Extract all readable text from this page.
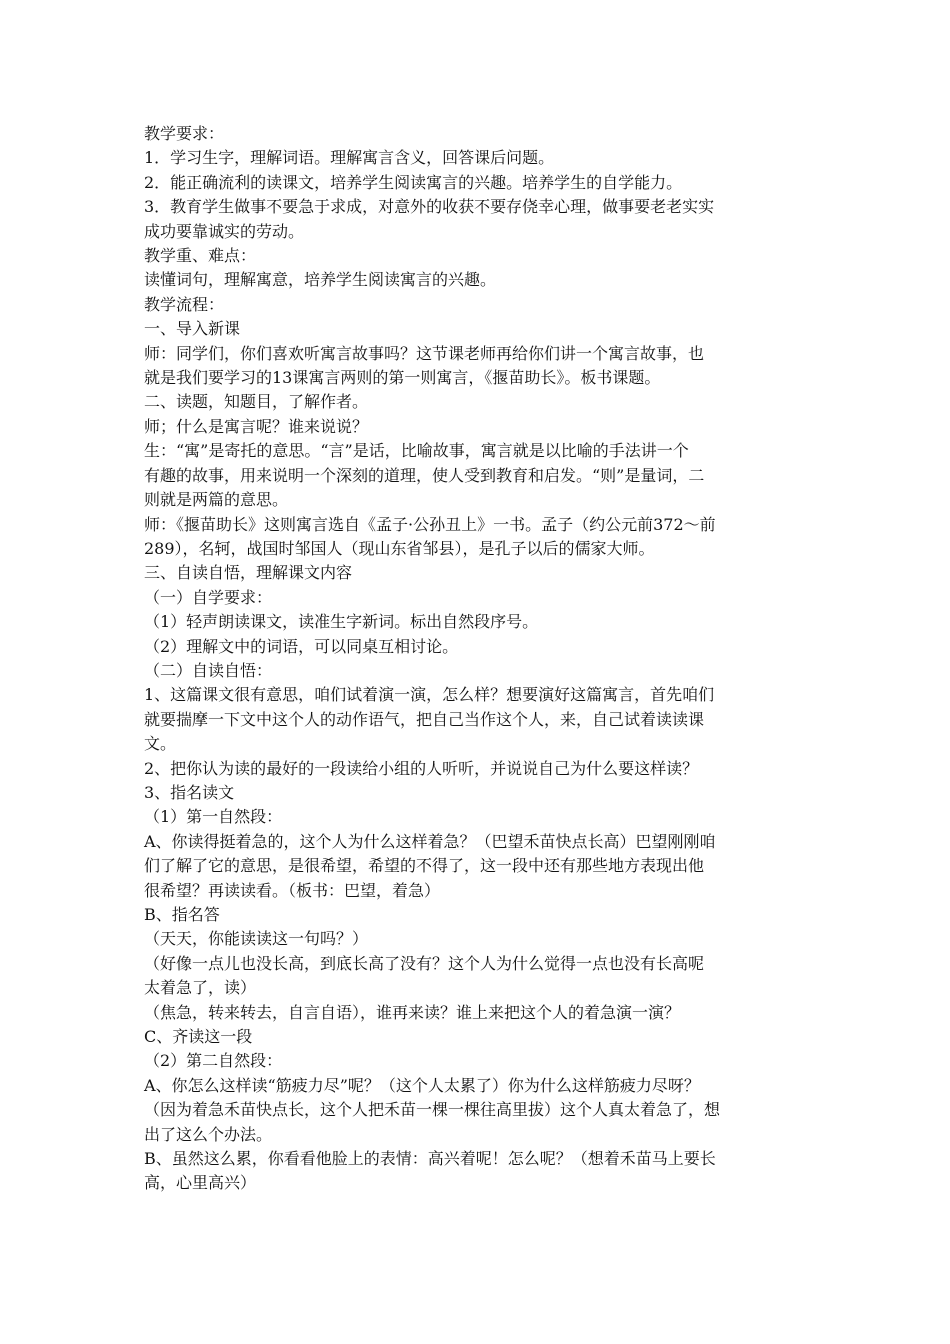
教学要求：
1．学习生字，理解词语。理解寓言含义，回答课后问题。
2．能正确流利的读课文，培养学生阅读寓言的兴趣。培养学生的自学能力。
3．教育学生做事不要急于求成，对意外的收获不要存侥幸心理，做事要老老实实
成功要靠诚实的劳动。
教学重、难点：
读懂词句，理解寓意，培养学生阅读寓言的兴趣。
教学流程：
一、导入新课
师：同学们，你们喜欢听寓言故事吗？这节课老师再给你们讲一个寓言故事，也
就是我们要学习的13课寓言两则的第一则寓言，《揠苗助长》。板书课题。
二、读题，知题目，了解作者。
师；什么是寓言呢？谁来说说？
生：“寓”是寄托的意思。“言”是话，比喻故事，寓言就是以比喻的手法讲一个
有趣的故事，用来说明一个深刻的道理，使人受到教育和启发。“则”是量词，二
则就是两篇的意思。
师：《揠苗助长》这则寓言选自《孟子·公孙丑上》一书。孟子（约公元前372～前
289），名轲，战国时邹国人（现山东省邹县），是孔子以后的儒家大师。
三、自读自悟，理解课文内容
（一）自学要求：
（1）轻声朗读课文，读准生字新词。标出自然段序号。
（2）理解文中的词语，可以同桌互相讨论。
（二）自读自悟：
1、这篇课文很有意思，咱们试着演一演，怎么样？想要演好这篇寓言，首先咱们
就要揣摩一下文中这个人的动作语气，把自己当作这个人，来，自己试着读读课
文。
2、把你认为读的最好的一段读给小组的人听听，并说说自己为什么要这样读？
3、指名读文
（1）第一自然段：
A、你读得挺着急的，这个人为什么这样着急？（巴望禾苗快点长高）巴望刚刚咱
们了解了它的意思，是很希望，希望的不得了，这一段中还有那些地方表现出他
很希望？再读读看。（板书：巴望，着急）
B、指名答
（天天，你能读读这一句吗？）
（好像一点儿也没长高，到底长高了没有？这个人为什么觉得一点也没有长高呢
太着急了，读）
（焦急，转来转去，自言自语），谁再来读？谁上来把这个人的着急演一演？
C、齐读这一段
（2）第二自然段：
A、你怎么这样读“筋疲力尽”呢？（这个人太累了）你为什么这样筋疲力尽呀？
（因为着急禾苗快点长，这个人把禾苗一棵一棵往高里拔）这个人真太着急了，想
出了这么个办法。
B、虽然这么累，你看看他脸上的表情：高兴着呢！怎么呢？（想着禾苗马上要长
高，心里高兴）
